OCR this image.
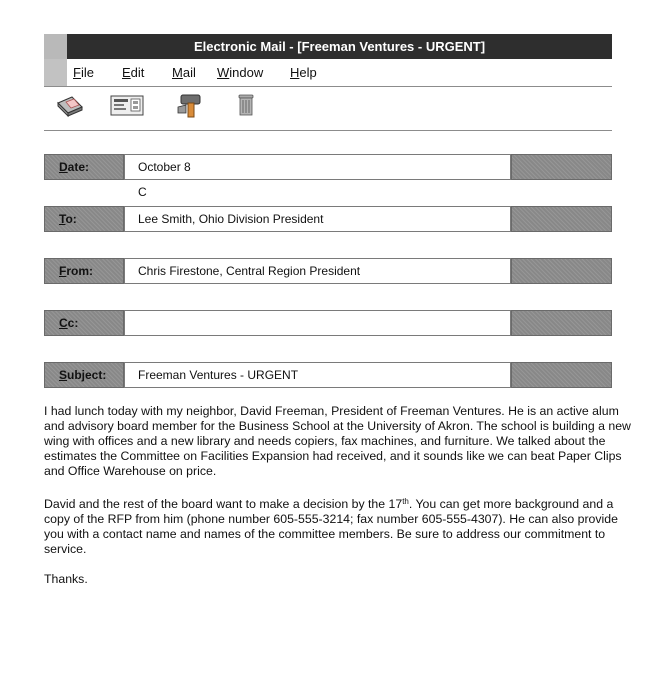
Electronic Mail - [Freeman Ventures - URGENT]
File Edit Mail Window Help
Date:	October 8
C
To:	Lee Smith, Ohio Division President
From:	Chris Firestone, Central Region President
Cc:
Subject:	Freeman Ventures - URGENT

I had lunch today with my neighbor, David Freeman, President of Freeman Ventures. He is an active alum and advisory board member for the Business School at the University of Akron. The school is building a new wing with offices and a new library and needs copiers, fax machines, and furniture. We talked about the estimates the Committee on Facilities Expansion had received, and it sounds like we can beat Paper Clips and Office Warehouse on price.

David and the rest of the board want to make a decision by the 17th. You can get more background and a copy of the RFP from him (phone number 605-555-3214; fax number 605-555-4307). He can also provide you with a contact name and names of the committee members. Be sure to address our commitment to service.

Thanks.
